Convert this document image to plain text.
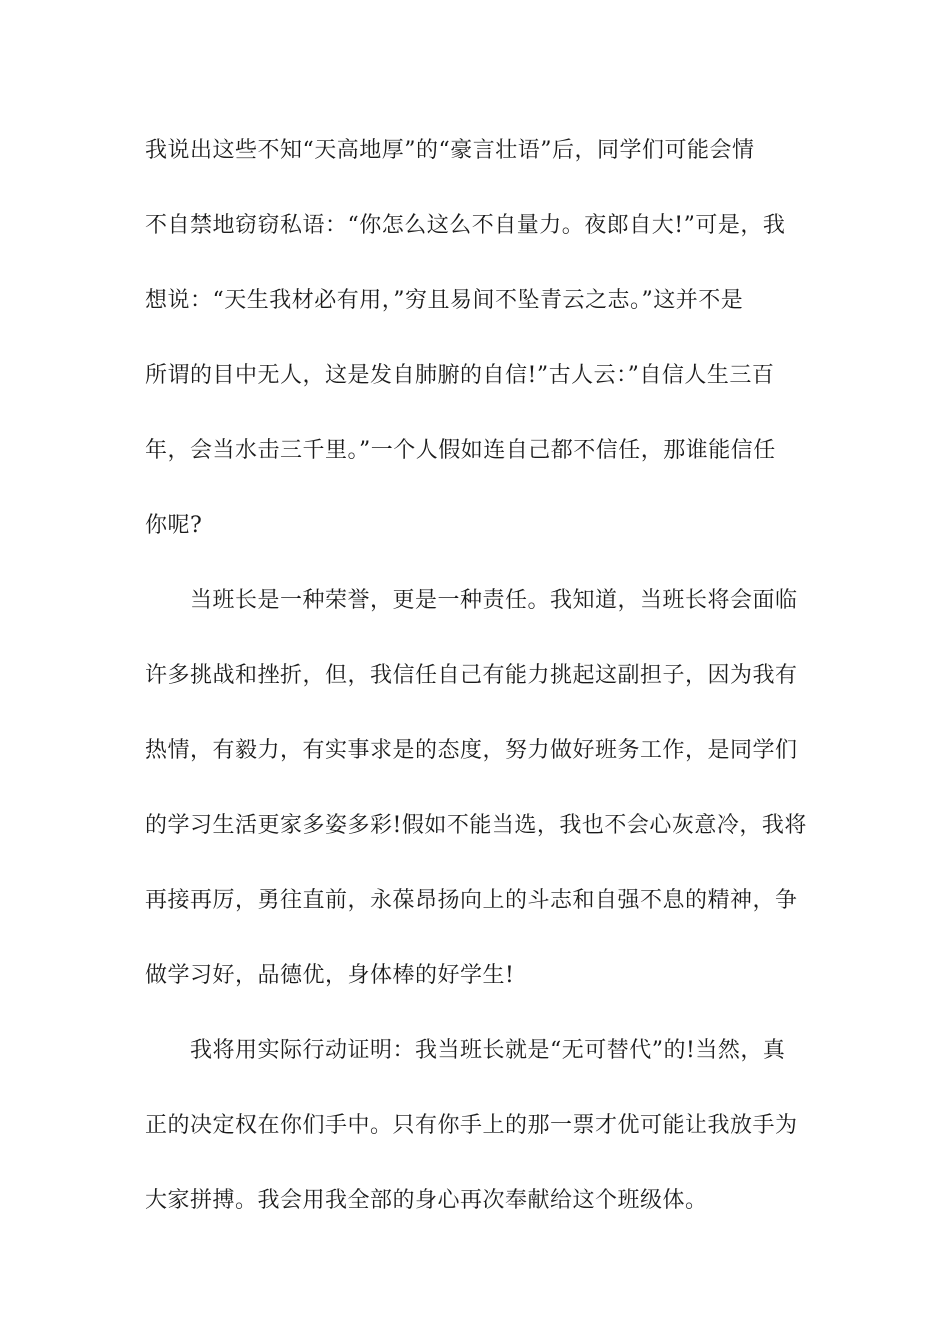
我说出这些不知“天高地厚”的“豪言壮语”后，同学们可能会情
不自禁地窃窃私语：“你怎么这么不自量力。夜郎自大!”可是，我
想说：“天生我材必有用，”穷且易间不坠青云之志。”这并不是
所谓的目中无人，这是发自肺腑的自信!”古人云：”自信人生三百
年，会当水击三千里。”一个人假如连自己都不信任，那谁能信任
你呢?
当班长是一种荣誉，更是一种责任。我知道，当班长将会面临
许多挑战和挫折，但，我信任自己有能力挑起这副担子，因为我有
热情，有毅力，有实事求是的态度，努力做好班务工作，是同学们
的学习生活更家多姿多彩!假如不能当选，我也不会心灰意冷，我将
再接再厉，勇往直前，永葆昂扬向上的斗志和自强不息的精神，争
做学习好，品德优，身体棒的好学生!
我将用实际行动证明：我当班长就是“无可替代”的!当然，真
正的决定权在你们手中。只有你手上的那一票才优可能让我放手为
大家拼搏。我会用我全部的身心再次奉献给这个班级体。
